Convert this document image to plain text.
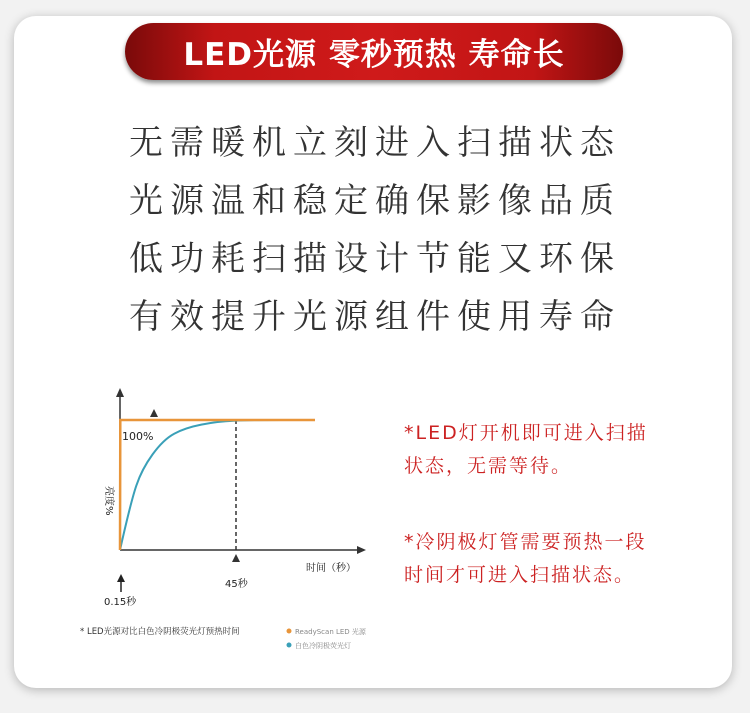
LED光源 零秒预热 寿命长
无需暖机立刻进入扫描状态
光源温和稳定确保影像品质
低功耗扫描设计节能又环保
有效提升光源组件使用寿命
100%
亮度%
时间（秒）
45秒
0.15秒
* LED光源对比白色冷阴极荧光灯预热时间	ReadyScan LED 光源
白色冷阴极荧光灯
*LED灯开机即可进入扫描
状态，无需等待。
*冷阴极灯管需要预热一段
时间才可进入扫描状态。
